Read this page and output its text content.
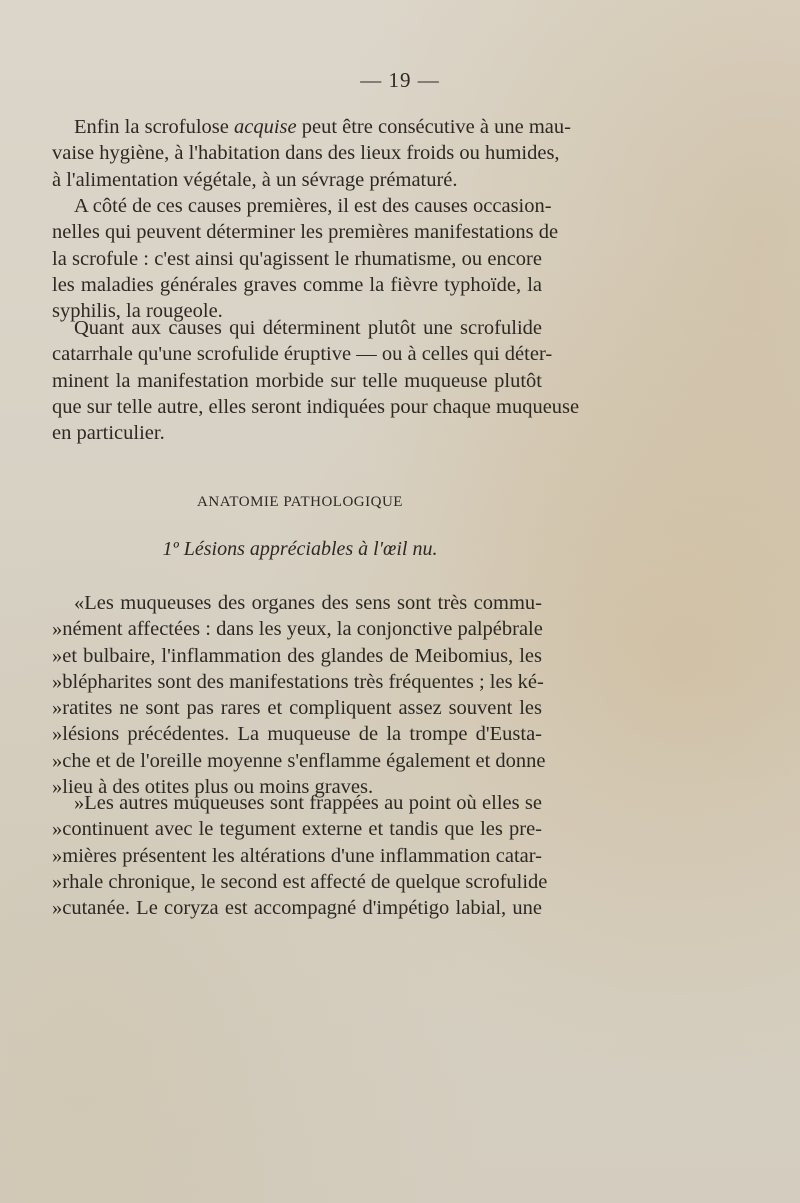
— 19 —
Enfin la scrofulose acquise peut être consécutive à une mau-
vaise hygiène, à l'habitation dans des lieux froids ou humides,
à l'alimentation végétale, à un sévrage prématuré.
A côté de ces causes premières, il est des causes occasion-
nelles qui peuvent déterminer les premières manifestations de
la scrofule : c'est ainsi qu'agissent le rhumatisme, ou encore
les maladies générales graves comme la fièvre typhoïde, la
syphilis, la rougeole.
Quant aux causes qui déterminent plutôt une scrofulide
catarrhale qu'une scrofulide éruptive — ou à celles qui déter-
minent la manifestation morbide sur telle muqueuse plutôt
que sur telle autre, elles seront indiquées pour chaque muqueuse
en particulier.
ANATOMIE PATHOLOGIQUE
1º Lésions appréciables à l'œil nu.
«Les muqueuses des organes des sens sont très commu-
»nément affectées : dans les yeux, la conjonctive palpébrale
»et bulbaire, l'inflammation des glandes de Meibomius, les
»blépharites sont des manifestations très fréquentes ; les ké-
»ratites ne sont pas rares et compliquent assez souvent les
»lésions précédentes. La muqueuse de la trompe d'Eusta-
»che et de l'oreille moyenne s'enflamme également et donne
»lieu à des otites plus ou moins graves.
»Les autres muqueuses sont frappées au point où elles se
»continuent avec le tegument externe et tandis que les pre-
»mières présentent les altérations d'une inflammation catar-
»rhale chronique, le second est affecté de quelque scrofulide
»cutanée. Le coryza est accompagné d'impétigo labial, une
